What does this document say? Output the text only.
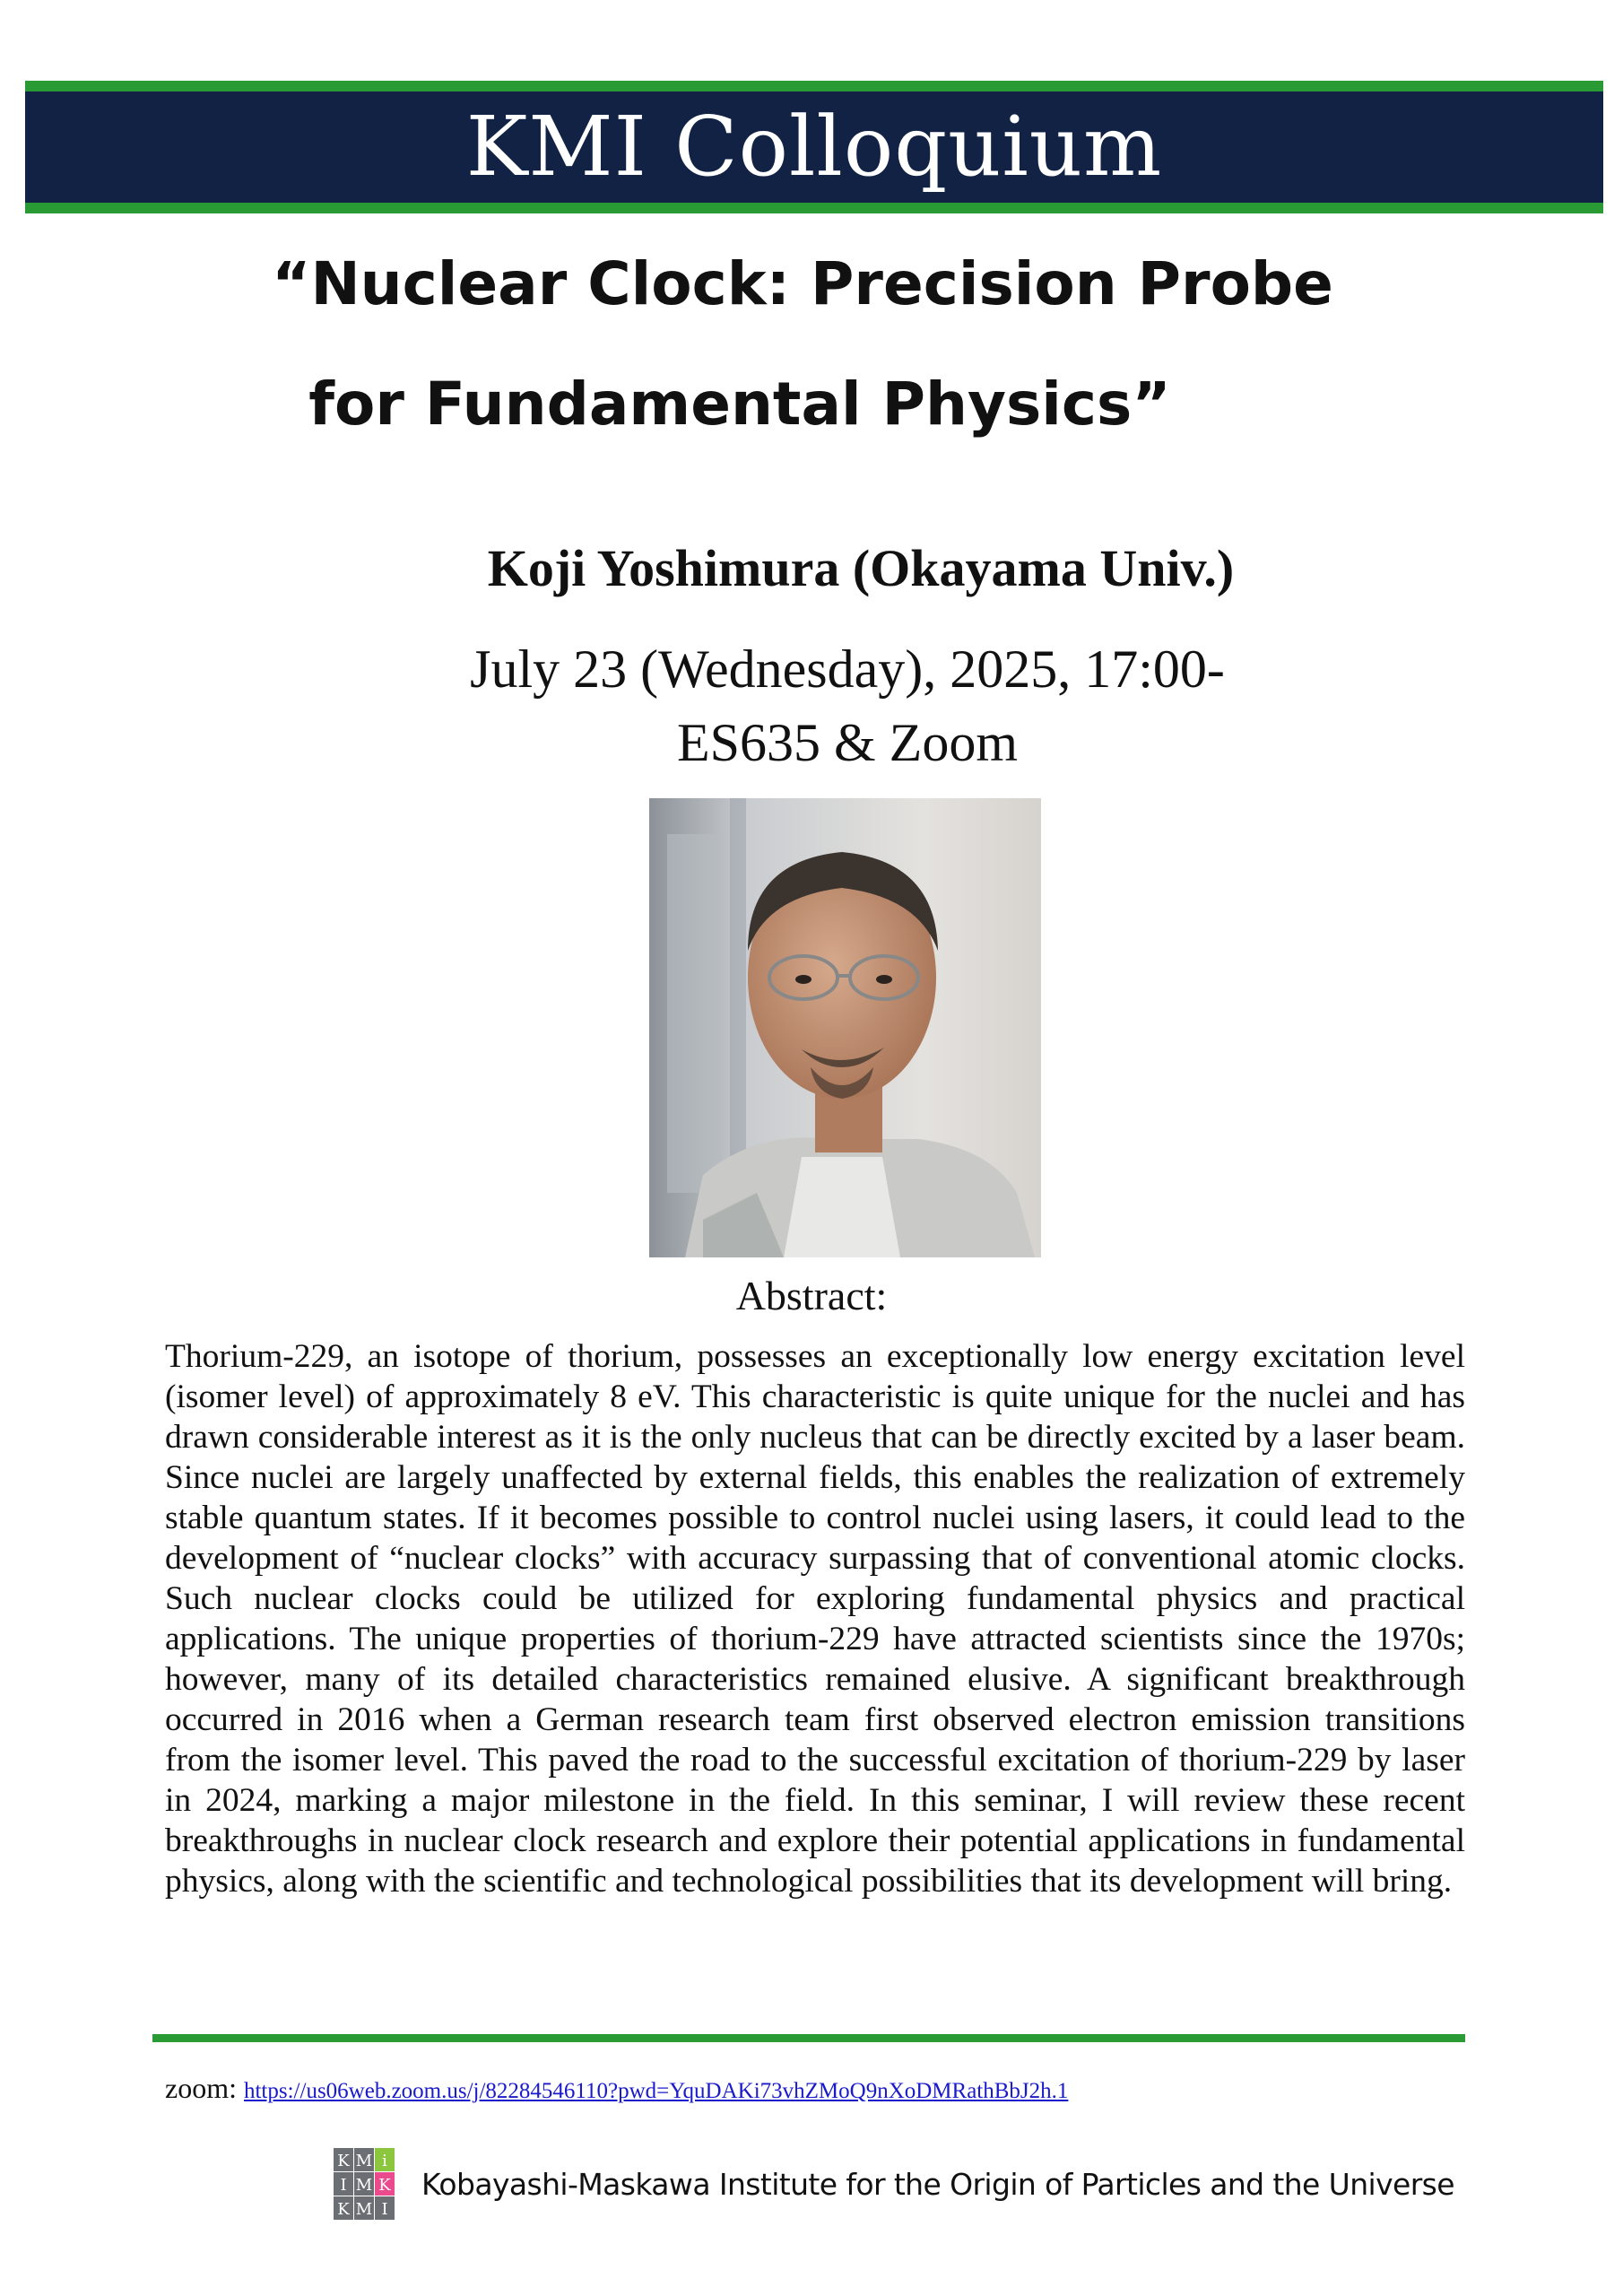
KMI Colloquium
“Nuclear Clock: Precision Probe
for Fundamental Physics”
Koji Yoshimura (Okayama Univ.)
July 23 (Wednesday), 2025, 17:00-
ES635 & Zoom
Abstract:

Thorium-229, an isotope of thorium, possesses an exceptionally low energy excitation level (isomer level) of approximately 8 eV. This characteristic is quite unique for the nuclei and has drawn considerable interest as it is the only nucleus that can be directly excited by a laser beam. Since nuclei are largely unaffected by external fields, this enables the realization of extremely stable quantum states. If it becomes possible to control nuclei using lasers, it could lead to the development of “nuclear clocks” with accuracy surpassing that of conventional atomic clocks. Such nuclear clocks could be utilized for exploring fundamental physics and practical applications. The unique properties of thorium-229 have attracted scientists since the 1970s; however, many of its detailed characteristics remained elusive. A significant breakthrough occurred in 2016 when a German research team first observed electron emission transitions from the isomer level. This paved the road to the successful excitation of thorium-229 by laser in 2024, marking a major milestone in the field. In this seminar, I will review these recent breakthroughs in nuclear clock research and explore their potential applications in fundamental physics, along with the scientific and technological possibilities that its development will bring.

zoom: https://us06web.zoom.us/j/82284546110?pwd=YquDAKi73vhZMoQ9nXoDMRathBbJ2h.1
K M i
I M K
K M I
Kobayashi-Maskawa Institute for the Origin of Particles and the Universe
